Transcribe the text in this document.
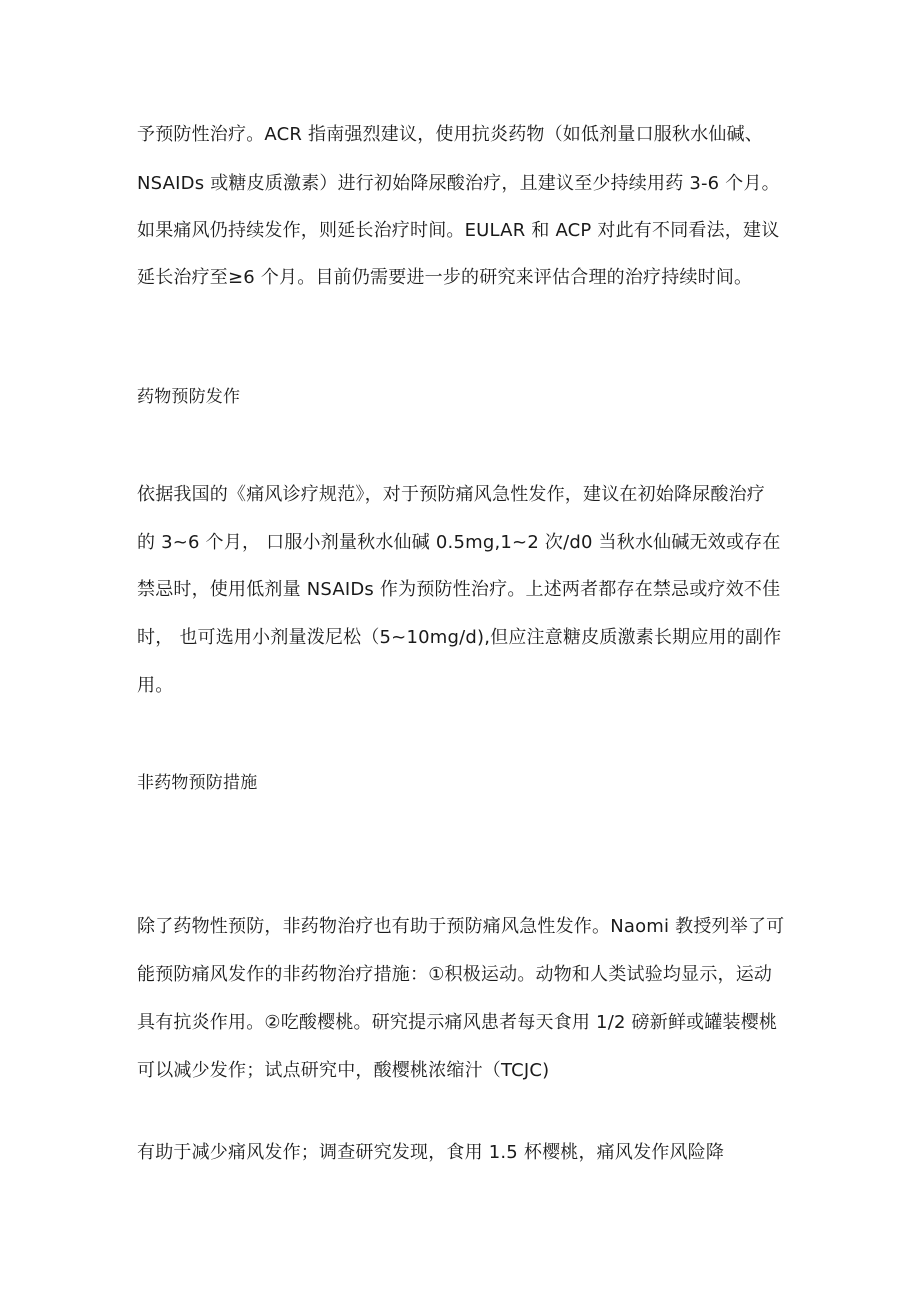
予预防性治疗。ACR 指南强烈建议，使用抗炎药物（如低剂量口服秋水仙碱、
NSAIDs 或糖皮质激素）进行初始降尿酸治疗，且建议至少持续用药 3-6 个月。
如果痛风仍持续发作，则延长治疗时间。EULAR 和 ACP 对此有不同看法，建议
延长治疗至≥6 个月。目前仍需要进一步的研究来评估合理的治疗持续时间。
药物预防发作
依据我国的《痛风诊疗规范》，对于预防痛风急性发作，建议在初始降尿酸治疗
的 3~6 个月， 口服小剂量秋水仙碱 0.5mg,1~2 次/d0 当秋水仙碱无效或存在
禁忌时，使用低剂量 NSAIDs 作为预防性治疗。上述两者都存在禁忌或疗效不佳
时， 也可选用小剂量泼尼松（5~10mg/d),但应注意糖皮质激素长期应用的副作
用。
非药物预防措施
除了药物性预防，非药物治疗也有助于预防痛风急性发作。Naomi 教授列举了可
能预防痛风发作的非药物治疗措施：①积极运动。动物和人类试验均显示，运动
具有抗炎作用。②吃酸樱桃。研究提示痛风患者每天食用 1/2 磅新鲜或罐装樱桃
可以减少发作；试点研究中，酸樱桃浓缩汁（TCJC)
有助于减少痛风发作；调查研究发现，食用 1.5 杯樱桃，痛风发作风险降
